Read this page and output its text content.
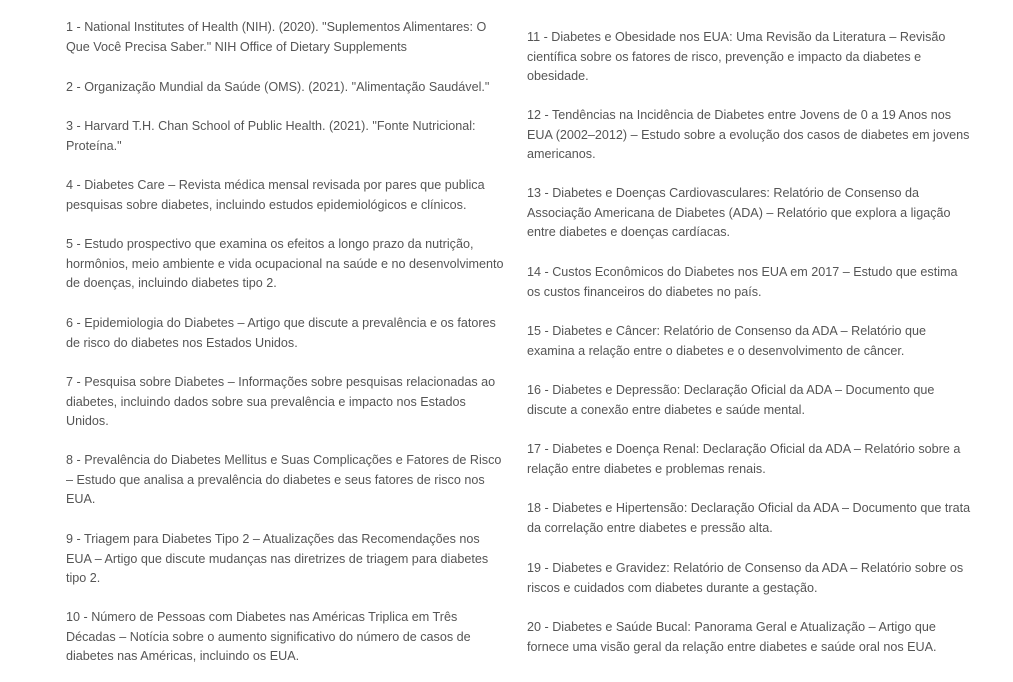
1 - National Institutes of Health (NIH). (2020). "Suplementos Alimentares: O Que Você Precisa Saber." NIH Office of Dietary Supplements

2 - Organização Mundial da Saúde (OMS). (2021). "Alimentação Saudável."

3 - Harvard T.H. Chan School of Public Health. (2021). "Fonte Nutricional: Proteína."

4 - Diabetes Care – Revista médica mensal revisada por pares que publica pesquisas sobre diabetes, incluindo estudos epidemiológicos e clínicos.

5 - Estudo prospectivo que examina os efeitos a longo prazo da nutrição, hormônios, meio ambiente e vida ocupacional na saúde e no desenvolvimento de doenças, incluindo diabetes tipo 2.

6 - Epidemiologia do Diabetes – Artigo que discute a prevalência e os fatores de risco do diabetes nos Estados Unidos.

7 - Pesquisa sobre Diabetes – Informações sobre pesquisas relacionadas ao diabetes, incluindo dados sobre sua prevalência e impacto nos Estados Unidos.

8 - Prevalência do Diabetes Mellitus e Suas Complicações e Fatores de Risco – Estudo que analisa a prevalência do diabetes e seus fatores de risco nos EUA.

9 - Triagem para Diabetes Tipo 2 – Atualizações das Recomendações nos EUA – Artigo que discute mudanças nas diretrizes de triagem para diabetes tipo 2.

10 - Número de Pessoas com Diabetes nas Américas Triplica em Três Décadas – Notícia sobre o aumento significativo do número de casos de diabetes nas Américas, incluindo os EUA.

11 - Diabetes e Obesidade nos EUA: Uma Revisão da Literatura – Revisão científica sobre os fatores de risco, prevenção e impacto da diabetes e obesidade.

12 - Tendências na Incidência de Diabetes entre Jovens de 0 a 19 Anos nos EUA (2002–2012) – Estudo sobre a evolução dos casos de diabetes em jovens americanos.

13 - Diabetes e Doenças Cardiovasculares: Relatório de Consenso da Associação Americana de Diabetes (ADA) – Relatório que explora a ligação entre diabetes e doenças cardíacas.

14 - Custos Econômicos do Diabetes nos EUA em 2017 – Estudo que estima os custos financeiros do diabetes no país.

15 - Diabetes e Câncer: Relatório de Consenso da ADA – Relatório que examina a relação entre o diabetes e o desenvolvimento de câncer.

16 - Diabetes e Depressão: Declaração Oficial da ADA – Documento que discute a conexão entre diabetes e saúde mental.

17 - Diabetes e Doença Renal: Declaração Oficial da ADA – Relatório sobre a relação entre diabetes e problemas renais.

18 - Diabetes e Hipertensão: Declaração Oficial da ADA – Documento que trata da correlação entre diabetes e pressão alta.

19 - Diabetes e Gravidez: Relatório de Consenso da ADA – Relatório sobre os riscos e cuidados com diabetes durante a gestação.

20 - Diabetes e Saúde Bucal: Panorama Geral e Atualização – Artigo que fornece uma visão geral da relação entre diabetes e saúde oral nos EUA.
